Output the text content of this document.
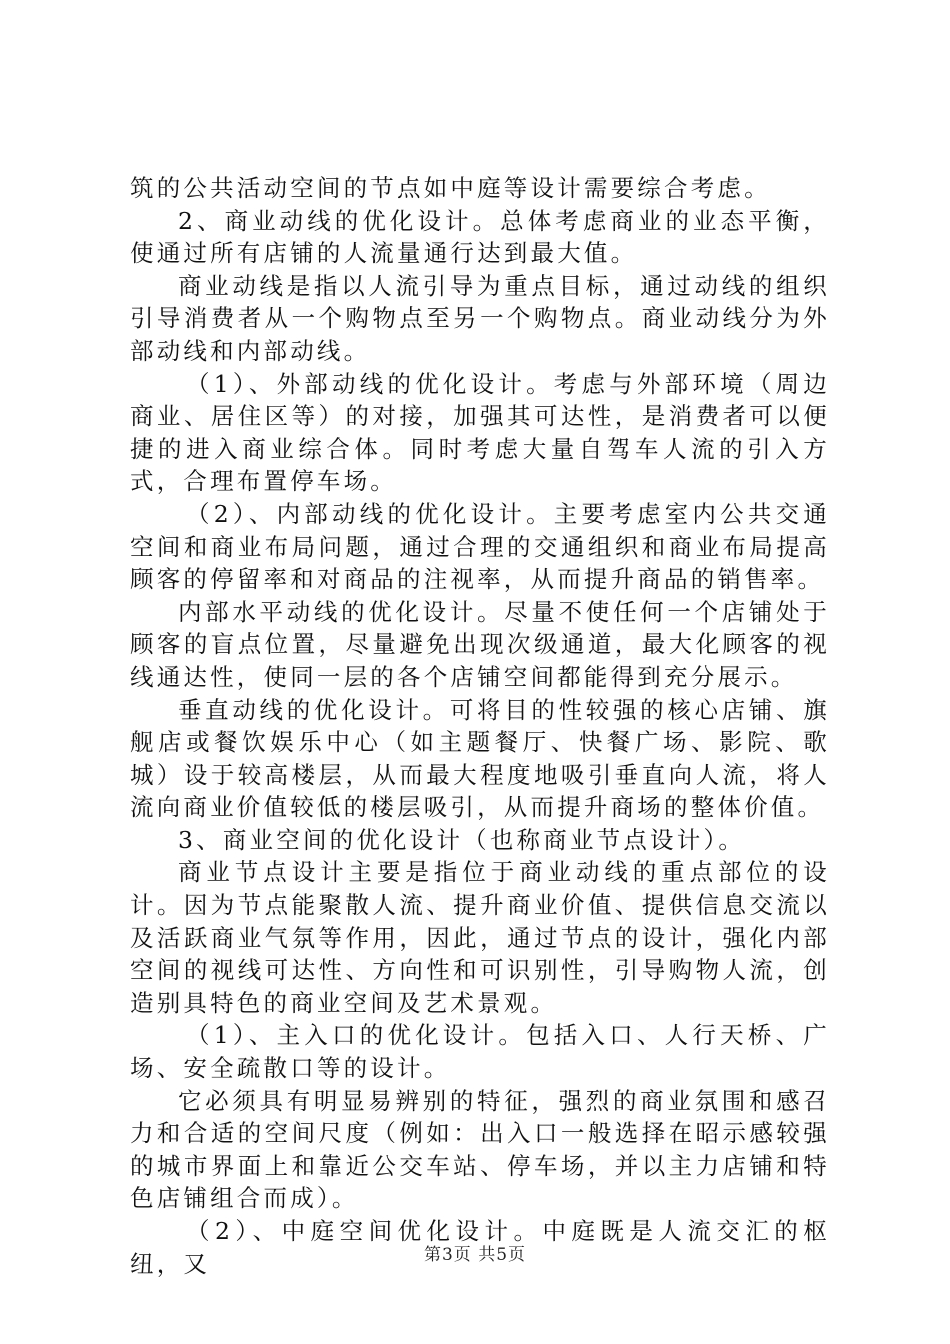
筑的公共活动空间的节点如中庭等设计需要综合考虑。

2、商业动线的优化设计。总体考虑商业的业态平衡，使通过所有店铺的人流量通行达到最大值。

商业动线是指以人流引导为重点目标，通过动线的组织引导消费者从一个购物点至另一个购物点。商业动线分为外部动线和内部动线。

（1）、外部动线的优化设计。考虑与外部环境（周边商业、居住区等）的对接，加强其可达性，是消费者可以便捷的进入商业综合体。同时考虑大量自驾车人流的引入方式，合理布置停车场。

（2）、内部动线的优化设计。主要考虑室内公共交通空间和商业布局问题，通过合理的交通组织和商业布局提高顾客的停留率和对商品的注视率，从而提升商品的销售率。

内部水平动线的优化设计。尽量不使任何一个店铺处于顾客的盲点位置，尽量避免出现次级通道，最大化顾客的视线通达性，使同一层的各个店铺空间都能得到充分展示。

垂直动线的优化设计。可将目的性较强的核心店铺、旗舰店或餐饮娱乐中心（如主题餐厅、快餐广场、影院、歌城）设于较高楼层，从而最大程度地吸引垂直向人流，将人流向商业价值较低的楼层吸引，从而提升商场的整体价值。

3、商业空间的优化设计（也称商业节点设计）。

商业节点设计主要是指位于商业动线的重点部位的设计。因为节点能聚散人流、提升商业价值、提供信息交流以及活跃商业气氛等作用，因此，通过节点的设计，强化内部空间的视线可达性、方向性和可识别性，引导购物人流，创造别具特色的商业空间及艺术景观。

（1）、主入口的优化设计。包括入口、人行天桥、广场、安全疏散口等的设计。

它必须具有明显易辨别的特征，强烈的商业氛围和感召力和合适的空间尺度（例如：出入口一般选择在昭示感较强的城市界面上和靠近公交车站、停车场，并以主力店铺和特色店铺组合而成）。

（2）、中庭空间优化设计。中庭既是人流交汇的枢纽，又	第3页 共5页
